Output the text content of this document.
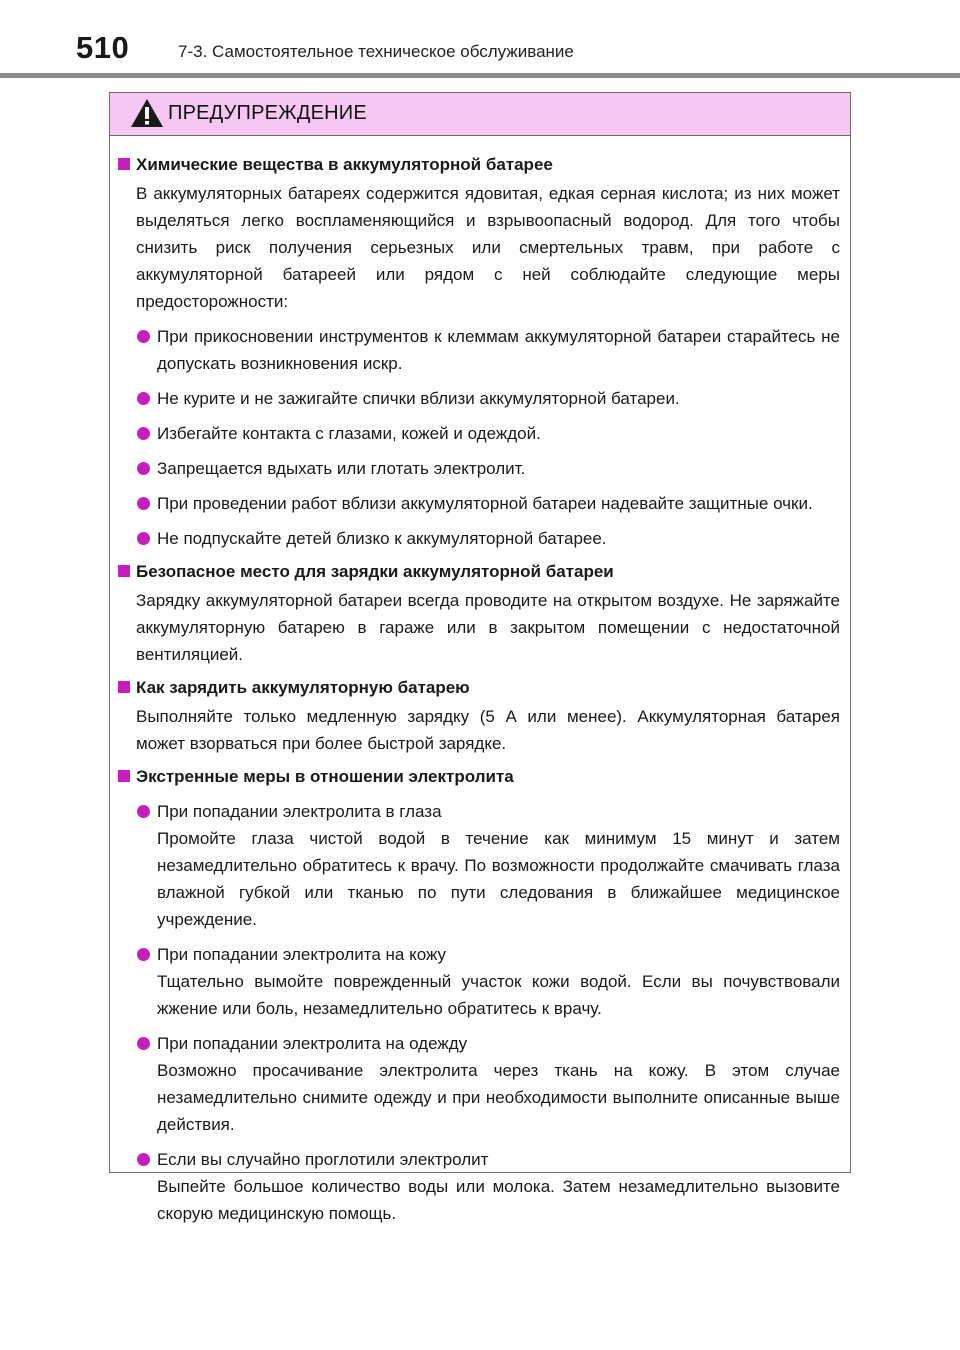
510	7-3. Самостоятельное техническое обслуживание
ПРЕДУПРЕЖДЕНИЕ
Химические вещества в аккумуляторной батарее
В аккумуляторных батареях содержится ядовитая, едкая серная кислота; из них может выделяться легко воспламеняющийся и взрывоопасный водород. Для того чтобы снизить риск получения серьезных или смертельных травм, при работе с аккумуляторной батареей или рядом с ней соблюдайте следующие меры предосторожности:
При прикосновении инструментов к клеммам аккумуляторной батареи старайтесь не допускать возникновения искр.
Не курите и не зажигайте спички вблизи аккумуляторной батареи.
Избегайте контакта с глазами, кожей и одеждой.
Запрещается вдыхать или глотать электролит.
При проведении работ вблизи аккумуляторной батареи надевайте защитные очки.
Не подпускайте детей близко к аккумуляторной батарее.
Безопасное место для зарядки аккумуляторной батареи
Зарядку аккумуляторной батареи всегда проводите на открытом воздухе. Не заряжайте аккумуляторную батарею в гараже или в закрытом помещении с недостаточной вентиляцией.
Как зарядить аккумуляторную батарею
Выполняйте только медленную зарядку (5 А или менее). Аккумуляторная батарея может взорваться при более быстрой зарядке.
Экстренные меры в отношении электролита
При попадании электролита в глаза
Промойте глаза чистой водой в течение как минимум 15 минут и затем незамедлительно обратитесь к врачу. По возможности продолжайте смачивать глаза влажной губкой или тканью по пути следования в ближайшее медицинское учреждение.
При попадании электролита на кожу
Тщательно вымойте поврежденный участок кожи водой. Если вы почувствовали жжение или боль, незамедлительно обратитесь к врачу.
При попадании электролита на одежду
Возможно просачивание электролита через ткань на кожу. В этом случае незамедлительно снимите одежду и при необходимости выполните описанные выше действия.
Если вы случайно проглотили электролит
Выпейте большое количество воды или молока. Затем незамедлительно вызовите скорую медицинскую помощь.
